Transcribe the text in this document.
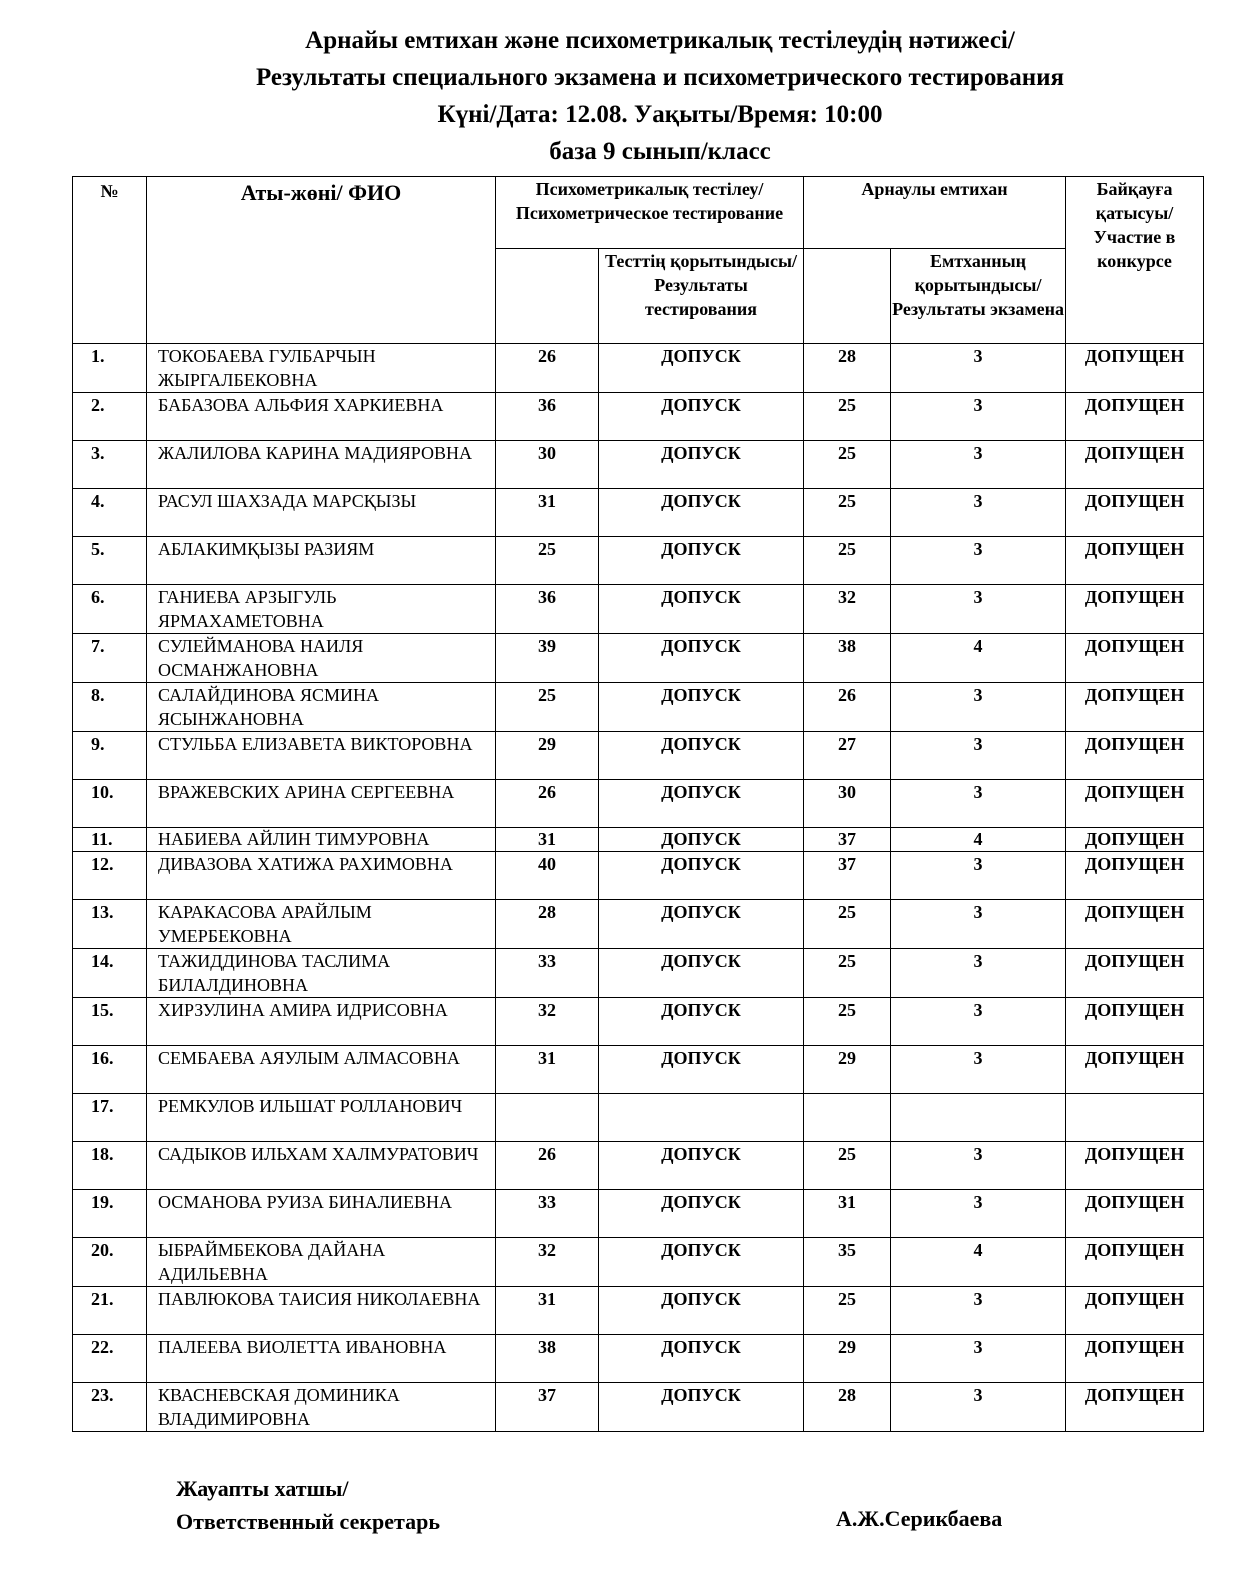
Арнайы емтихан және психометрикалық тестілеудің нәтижесі/
Результаты специального экзамена и психометрического тестирования
Күні/Дата: 12.08. Уақыты/Время: 10:00
база 9 сынып/класс
№	Аты-жөні/ ФИО	Психометрикалық тестілеу/ Психометрическое тестирование		Арнаулы емтихан		Байқауға қатысуы/ Участие в конкурсе
			Тесттің қорытындысы/ Результаты тестирования		Емтханның қорытындысы/ Результаты экзамена	
1.	ТОКОБАЕВА ГУЛБАРЧЫН ЖЫРГАЛБЕКОВНА	26	ДОПУСК	28	3	ДОПУЩЕН
2.	БАБАЗОВА АЛЬФИЯ ХАРКИЕВНА	36	ДОПУСК	25	3	ДОПУЩЕН
3.	ЖАЛИЛОВА КАРИНА МАДИЯРОВНА	30	ДОПУСК	25	3	ДОПУЩЕН
4.	РАСУЛ ШАХЗАДА МАРСҚЫЗЫ	31	ДОПУСК	25	3	ДОПУЩЕН
5.	АБЛАКИМҚЫЗЫ РАЗИЯМ	25	ДОПУСК	25	3	ДОПУЩЕН
6.	ГАНИЕВА АРЗЫГУЛЬ ЯРМАХАМЕТОВНА	36	ДОПУСК	32	3	ДОПУЩЕН
7.	СУЛЕЙМАНОВА НАИЛЯ ОСМАНЖАНОВНА	39	ДОПУСК	38	4	ДОПУЩЕН
8.	САЛАЙДИНОВА ЯСМИНА ЯСЫНЖАНОВНА	25	ДОПУСК	26	3	ДОПУЩЕН
9.	СТУЛЬБА ЕЛИЗАВЕТА ВИКТОРОВНА	29	ДОПУСК	27	3	ДОПУЩЕН
10.	ВРАЖЕВСКИХ АРИНА СЕРГЕЕВНА	26	ДОПУСК	30	3	ДОПУЩЕН
11.	НАБИЕВА АЙЛИН ТИМУРОВНА	31	ДОПУСК	37	4	ДОПУЩЕН
12.	ДИВАЗОВА ХАТИЖА РАХИМОВНА	40	ДОПУСК	37	3	ДОПУЩЕН
13.	КАРАКАСОВА АРАЙЛЫМ УМЕРБЕКОВНА	28	ДОПУСК	25	3	ДОПУЩЕН
14.	ТАЖИДДИНОВА ТАСЛИМА БИЛАЛДИНОВНА	33	ДОПУСК	25	3	ДОПУЩЕН
15.	ХИРЗУЛИНА АМИРА ИДРИСОВНА	32	ДОПУСК	25	3	ДОПУЩЕН
16.	СЕМБАЕВА АЯУЛЫМ АЛМАСОВНА	31	ДОПУСК	29	3	ДОПУЩЕН
17.	РЕМКУЛОВ ИЛЬШАТ РОЛЛАНОВИЧ					
18.	САДЫКОВ ИЛЬХАМ ХАЛМУРАТОВИЧ	26	ДОПУСК	25	3	ДОПУЩЕН
19.	ОСМАНОВА РУИЗА БИНАЛИЕВНА	33	ДОПУСК	31	3	ДОПУЩЕН
20.	ЫБРАЙМБЕКОВА ДАЙАНА АДИЛЬЕВНА	32	ДОПУСК	35	4	ДОПУЩЕН
21.	ПАВЛЮКОВА ТАИСИЯ НИКОЛАЕВНА	31	ДОПУСК	25	3	ДОПУЩЕН
22.	ПАЛЕЕВА ВИОЛЕТТА ИВАНОВНА	38	ДОПУСК	29	3	ДОПУЩЕН
23.	КВАСНЕВСКАЯ ДОМИНИКА ВЛАДИМИРОВНА	37	ДОПУСК	28	3	ДОПУЩЕН
Жауапты хатшы/
Ответственный секретарь	А.Ж.Серикбаева
